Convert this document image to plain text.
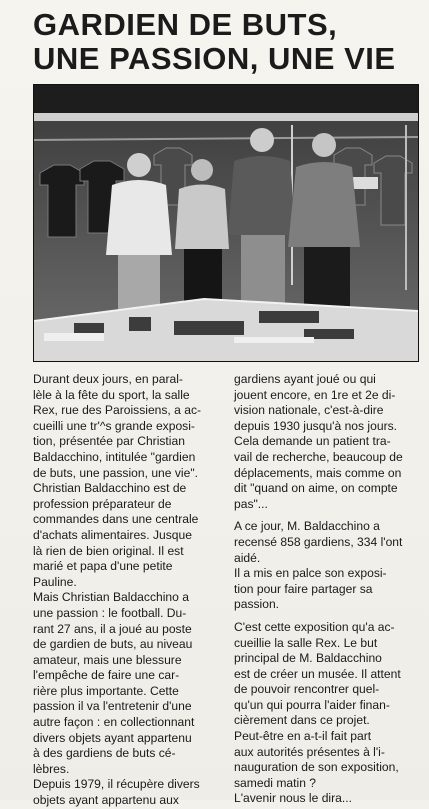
GARDIEN DE BUTS,
UNE PASSION, UNE VIE
Durant deux jours, en paral-
lèle à la fête du sport, la salle
Rex, rue des Paroissiens, a ac-
cueilli une tr'^s grande exposi-
tion, présentée par Christian
Baldacchino, intitulée "gardien
de buts, une passion, une vie".
Christian Baldacchino est de
profession préparateur de
commandes dans une centrale
d'achats alimentaires. Jusque
là rien de bien original. Il est
marié et papa d'une petite
Pauline.
Mais Christian Baldacchino a
une passion : le football. Du-
rant 27 ans, il a joué au poste
de gardien de buts, au niveau
amateur, mais une blessure
l'empêche de faire une car-
rière plus importante. Cette
passion il va l'entretenir d'une
autre façon : en collectionnant
divers objets ayant appartenu
à des gardiens de buts cé-
lèbres.
Depuis 1979, il récupère divers
objets ayant appartenu aux
gardiens ayant joué ou qui
jouent encore, en 1re et 2e di-
vision nationale, c'est-à-dire
depuis 1930 jusqu'à nos jours.
Cela demande un patient tra-
vail de recherche, beaucoup de
déplacements, mais comme on
dit "quand on aime, on compte
pas"...
A ce jour, M. Baldacchino a
recensé 858 gardiens, 334 l'ont
aidé.
Il a mis en palce son exposi-
tion pour faire partager sa
passion.
C'est cette exposition qu'a ac-
cueillie la salle Rex. Le but
principal de M. Baldacchino
est de créer un musée. Il attent
de pouvoir rencontrer quel-
qu'un qui pourra l'aider finan-
cièrement dans ce projet.
Peut-être en a-t-il fait part
aux autorités présentes à l'i-
nauguration de son exposition,
samedi matin ?
L'avenir nous le dira...
